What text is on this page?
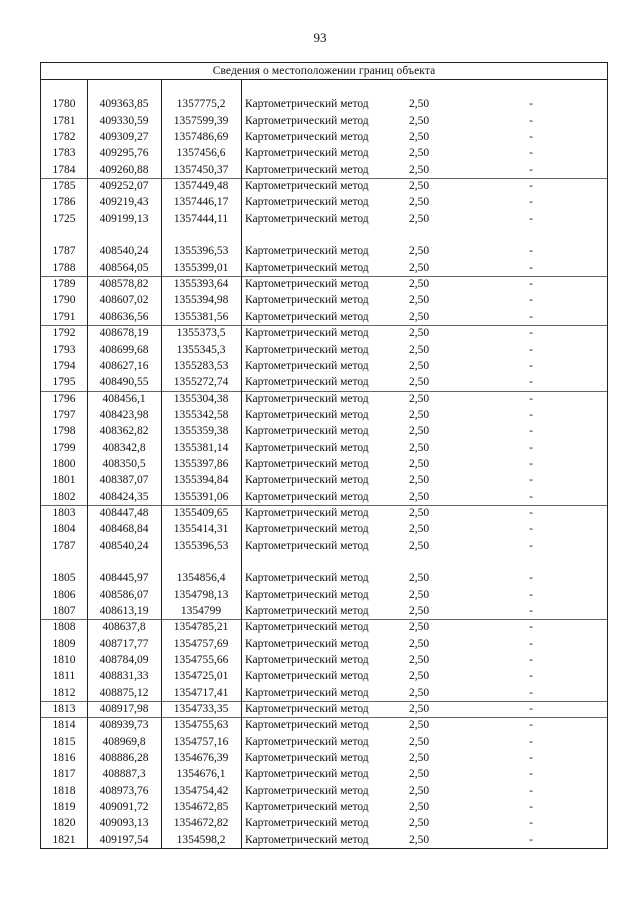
93
Сведения о местоположении границ объекта
1780	409363,85	1357775,2	Картометрический метод	2,50	-
1781	409330,59	1357599,39	Картометрический метод	2,50	-
1782	409309,27	1357486,69	Картометрический метод	2,50	-
1783	409295,76	1357456,6	Картометрический метод	2,50	-
1784	409260,88	1357450,37	Картометрический метод	2,50	-
1785	409252,07	1357449,48	Картометрический метод	2,50	-
1786	409219,43	1357446,17	Картометрический метод	2,50	-
1725	409199,13	1357444,11	Картометрический метод	2,50	-
1787	408540,24	1355396,53	Картометрический метод	2,50	-
1788	408564,05	1355399,01	Картометрический метод	2,50	-
1789	408578,82	1355393,64	Картометрический метод	2,50	-
1790	408607,02	1355394,98	Картометрический метод	2,50	-
1791	408636,56	1355381,56	Картометрический метод	2,50	-
1792	408678,19	1355373,5	Картометрический метод	2,50	-
1793	408699,68	1355345,3	Картометрический метод	2,50	-
1794	408627,16	1355283,53	Картометрический метод	2,50	-
1795	408490,55	1355272,74	Картометрический метод	2,50	-
1796	408456,1	1355304,38	Картометрический метод	2,50	-
1797	408423,98	1355342,58	Картометрический метод	2,50	-
1798	408362,82	1355359,38	Картометрический метод	2,50	-
1799	408342,8	1355381,14	Картометрический метод	2,50	-
1800	408350,5	1355397,86	Картометрический метод	2,50	-
1801	408387,07	1355394,84	Картометрический метод	2,50	-
1802	408424,35	1355391,06	Картометрический метод	2,50	-
1803	408447,48	1355409,65	Картометрический метод	2,50	-
1804	408468,84	1355414,31	Картометрический метод	2,50	-
1787	408540,24	1355396,53	Картометрический метод	2,50	-
1805	408445,97	1354856,4	Картометрический метод	2,50	-
1806	408586,07	1354798,13	Картометрический метод	2,50	-
1807	408613,19	1354799	Картометрический метод	2,50	-
1808	408637,8	1354785,21	Картометрический метод	2,50	-
1809	408717,77	1354757,69	Картометрический метод	2,50	-
1810	408784,09	1354755,66	Картометрический метод	2,50	-
1811	408831,33	1354725,01	Картометрический метод	2,50	-
1812	408875,12	1354717,41	Картометрический метод	2,50	-
1813	408917,98	1354733,35	Картометрический метод	2,50	-
1814	408939,73	1354755,63	Картометрический метод	2,50	-
1815	408969,8	1354757,16	Картометрический метод	2,50	-
1816	408886,28	1354676,39	Картометрический метод	2,50	-
1817	408887,3	1354676,1	Картометрический метод	2,50	-
1818	408973,76	1354754,42	Картометрический метод	2,50	-
1819	409091,72	1354672,85	Картометрический метод	2,50	-
1820	409093,13	1354672,82	Картометрический метод	2,50	-
1821	409197,54	1354598,2	Картометрический метод	2,50	-
